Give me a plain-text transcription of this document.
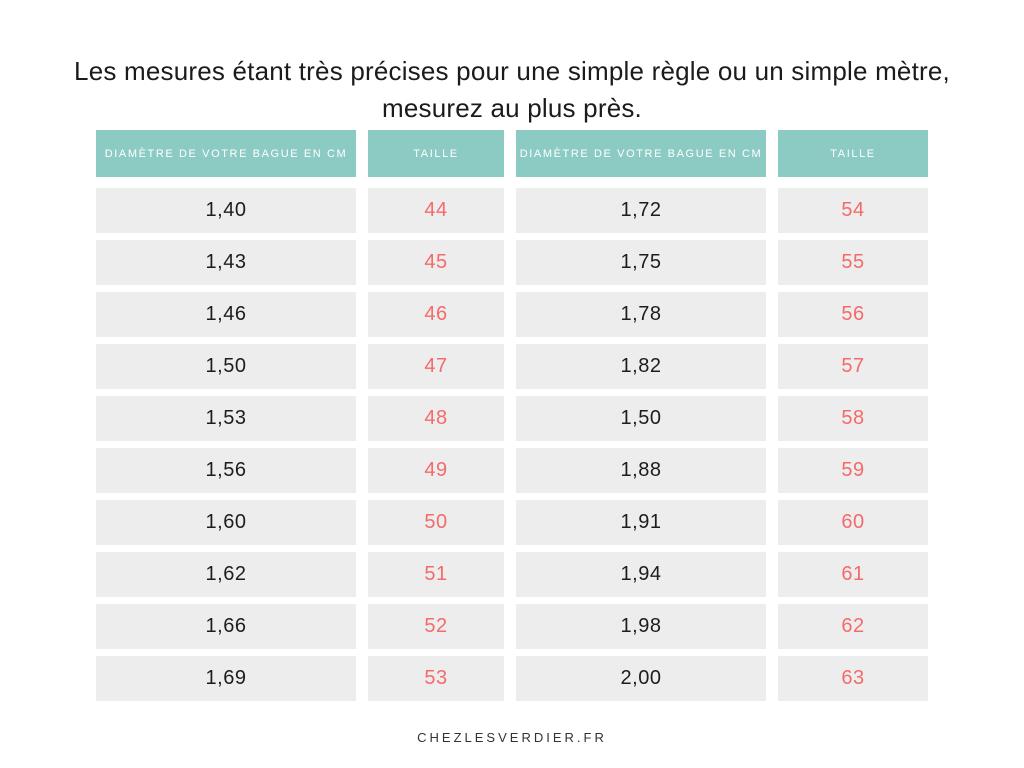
Les mesures étant très précises pour une simple règle ou un simple mètre,
mesurez au plus près.
DIAMÈTRE DE VOTRE BAGUE EN CM	TAILLE	DIAMÈTRE DE VOTRE BAGUE EN CM	TAILLE
1,40	44	1,72	54
1,43	45	1,75	55
1,46	46	1,78	56
1,50	47	1,82	57
1,53	48	1,50	58
1,56	49	1,88	59
1,60	50	1,91	60
1,62	51	1,94	61
1,66	52	1,98	62
1,69	53	2,00	63
CHEZLESVERDIER.FR
